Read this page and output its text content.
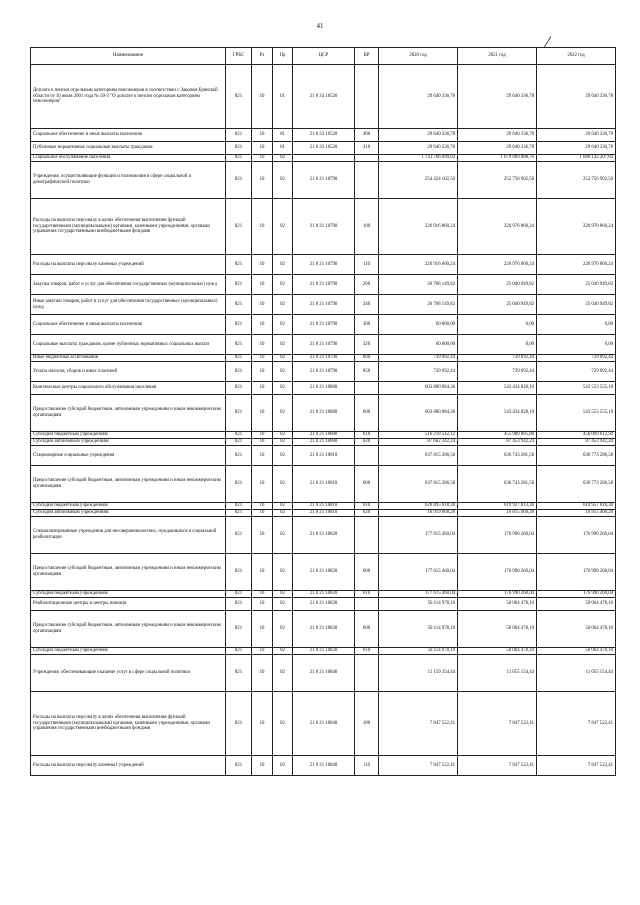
41
Наименование	ГРБС	Рз	Пр	ЦСР	ВР	2020 год	2021 год	2022 год
Доплата к пенсии отдельным категориям пенсионеров в соответствии с Законом Брянской области от 10 июля 2001 года № 50-З "О доплате к пенсии отдельным категориям пенсионеров"	821	10	01	21 0 33 16520		29 640 336,78	29 640 336,78	29 640 336,78
Социальное обеспечение и иные выплаты населению	821	10	01	21 0 33 16520	300	29 640 336,78	29 640 336,78	29 640 336,78
Публичные нормативные социальные выплаты гражданам	821	10	01	21 0 33 16520	310	29 640 336,78	29 640 336,78	29 640 336,78
Социальное обслуживание населения	821	10	02			1 743 766 099,02	1 679 889 088,76	1 680 142 207,84
Учреждения, осуществляющие функции и полномочия в сфере социальной и демографической политики	821	10	02	21 0 21 10790		254 424 102,50	252 756 902,50	252 756 902,50
Расходы на выплаты персоналу в целях обеспечения выполнения функций государственными (муниципальными) органами, казенными учреждениями, органами управления государственными внебюджетными фондами	821	10	02	21 0 21 10790	100	226 916 860,24	226 976 860,24	226 976 860,24
Расходы на выплаты персоналу казенных учреждений	821	10	02	21 0 21 10790	110	226 916 860,24	226 976 860,24	226 976 860,24
Закупка товаров, работ и услуг для обеспечения государственных (муниципальных) нужд	821	10	02	21 0 21 10790	200	26 708 149,82	25 040 949,82	25 040 949,82
Иные закупки товаров, работ и услуг для обеспечения государственных (муниципальных) нужд	821	10	02	21 0 21 10790	240	26 708 149,82	25 040 949,82	25 040 949,82
Социальное обеспечение и иные выплаты населению	821	10	02	21 0 21 10790	300	60 000,00	0,00	0,00
Социальные выплаты гражданам, кроме публичных нормативных социальных выплат	821	10	02	21 0 21 10790	320	60 000,00	0,00	0,00
Иные бюджетные ассигнования	821	10	02	21 0 21 10790	800	739 092,44	739 092,44	739 092,44
Уплата налогов, сборов и иных платежей	821	10	02	21 0 21 10790	850	739 092,44	739 092,44	739 092,44
Комплексные центры социального обслуживания населения	821	10	02	21 0 21 10800		603 880 884,36	543 434 828,10	543 553 555,18
Предоставление субсидий бюджетным, автономным учреждениям и иным некоммерческим организациям	821	10	02	21 0 21 10800	600	603 880 884,36	543 434 828,10	543 553 555,18
Субсидии бюджетным учреждениям	821	10	02	21 0 21 10800	610	516 218 542,12	455 980 885,86	456 099 612,94
Субсидии автономным учреждениям	821	10	02	21 0 21 10800	620	87 662 342,24	87 453 942,24	87 453 942,24
Стационарные социальные учреждения	821	10	02	21 0 21 10810		637 815 286,58	636 743 281,58	636 773 286,58
Предоставление субсидий бюджетным, автономным учреждениям и иным некоммерческим организациям	821	10	02	21 0 21 10810	600	637 815 286,58	636 743 281,58	636 773 286,58
Субсидии бюджетным учреждениям	821	10	02	21 0 21 10810	610	620 895 618,30	619 927 813,30	619 957 818,30
Субсидии автономным учреждениям	821	10	02	21 0 21 10810	620	16 919 668,28	16 815 468,28	16 815 468,28
Специализированные учреждения для несовершеннолетних, нуждающихся в социальной реабилитации	821	10	02	21 0 21 10820		177 615 460,04	176 990 260,04	176 990 260,04
Предоставление субсидий бюджетным, автономным учреждениям и иным некоммерческим организациям	821	10	02	21 0 21 10820	600	177 615 460,04	176 990 260,04	176 990 260,04
Субсидии бюджетным учреждениям	821	10	02	21 0 21 10820	610	177 615 460,04	176 990 260,04	176 990 260,04
Реабилитационные центры и центры помощи	821	10	02	21 0 21 10830		50 114 978,10	50 064 478,10	50 064 478,10
Предоставление субсидий бюджетным, автономным учреждениям и иным некоммерческим организациям	821	10	02	21 0 21 10830	600	50 114 978,10	50 064 478,10	50 064 478,10
Субсидии бюджетным учреждениям	821	10	02	21 0 21 10830	610	50 114 978,10	50 064 478,10	50 064 478,10
Учреждения, обеспечивающие оказание услуг в сфере социальной политики	821	10	02	21 0 21 10840		11 159 354,44	11 055 154,44	11 055 154,44
Расходы на выплаты персоналу в целях обеспечения выполнения функций государственными (муниципальными) органами, казенными учреждениями, органами управления государственными внебюджетными фондами	821	10	02	21 0 21 10840	100	7 847 522,41	7 847 522,41	7 847 522,41
Расходы на выплаты персоналу казенных учреждений	821	10	02	21 0 21 10840	110	7 847 522,41	7 847 522,41	7 847 522,41
